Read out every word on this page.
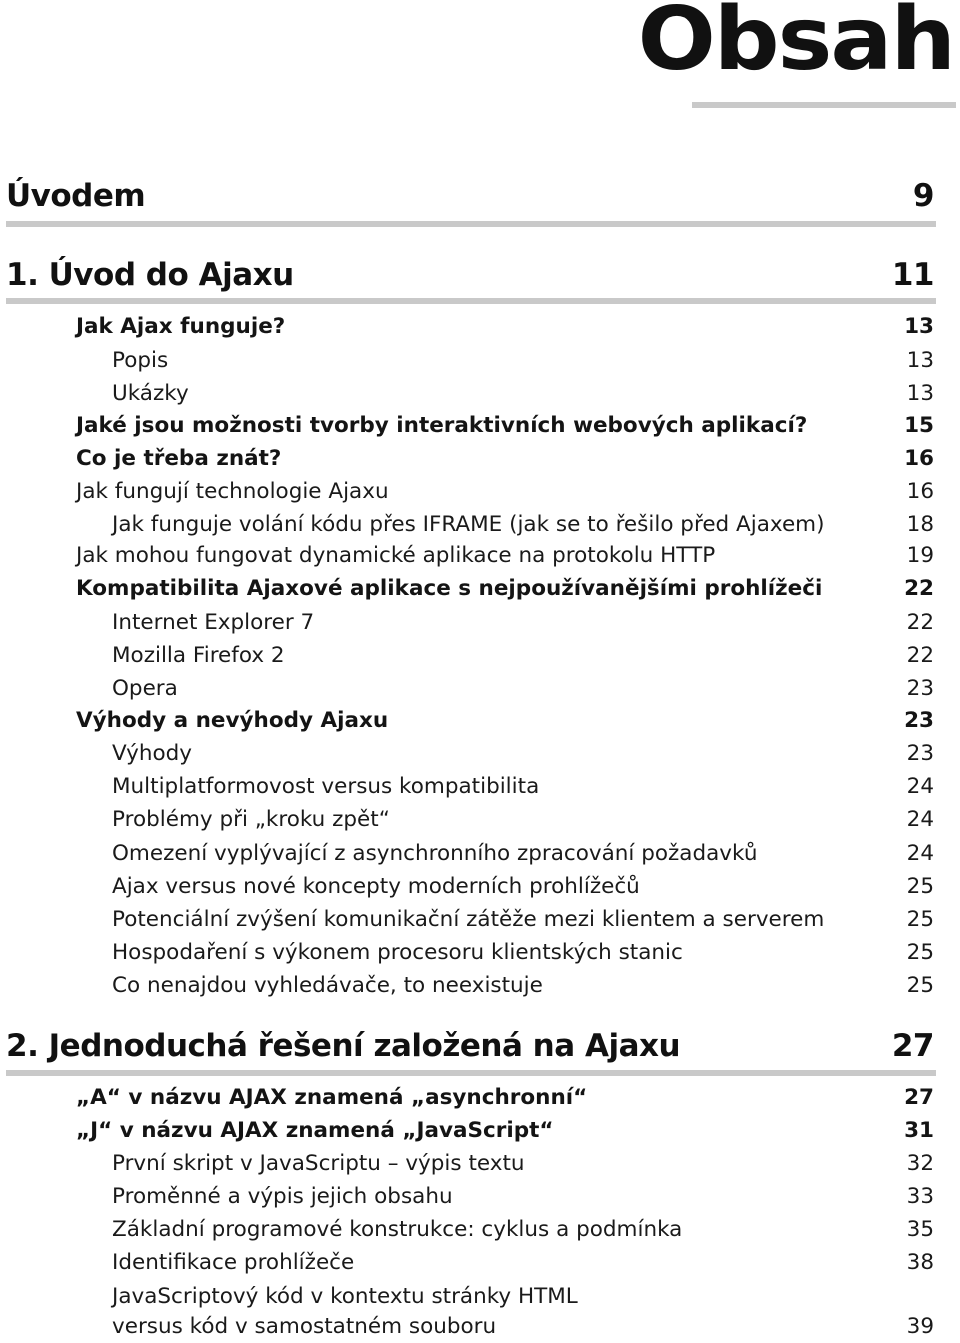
Obsah
Úvodem	9
1. Úvod do Ajaxu	11
Jak Ajax funguje?	13
Popis	13
Ukázky	13
Jaké jsou možnosti tvorby interaktivních webových aplikací?	15
Co je třeba znát?	16
Jak fungují technologie Ajaxu	16
Jak funguje volání kódu přes IFRAME (jak se to řešilo před Ajaxem)	18
Jak mohou fungovat dynamické aplikace na protokolu HTTP	19
Kompatibilita Ajaxové aplikace s nejpoužívanějšími prohlížeči	22
Internet Explorer 7	22
Mozilla Firefox 2	22
Opera	23
Výhody a nevýhody Ajaxu	23
Výhody	23
Multiplatformovost versus kompatibilita	24
Problémy při „kroku zpět“	24
Omezení vyplývající z asynchronního zpracování požadavků	24
Ajax versus nové koncepty moderních prohlížečů	25
Potenciální zvýšení komunikační zátěže mezi klientem a serverem	25
Hospodaření s výkonem procesoru klientských stanic	25
Co nenajdou vyhledávače, to neexistuje	25
2. Jednoduchá řešení založená na Ajaxu	27
„A“ v názvu AJAX znamená „asynchronní“	27
„J“ v názvu AJAX znamená „JavaScript“	31
První skript v JavaScriptu – výpis textu	32
Proměnné a výpis jejich obsahu	33
Základní programové konstrukce: cyklus a podmínka	35
Identifikace prohlížeče	38
JavaScriptový kód v kontextu stránky HTML
versus kód v samostatném souboru	39
